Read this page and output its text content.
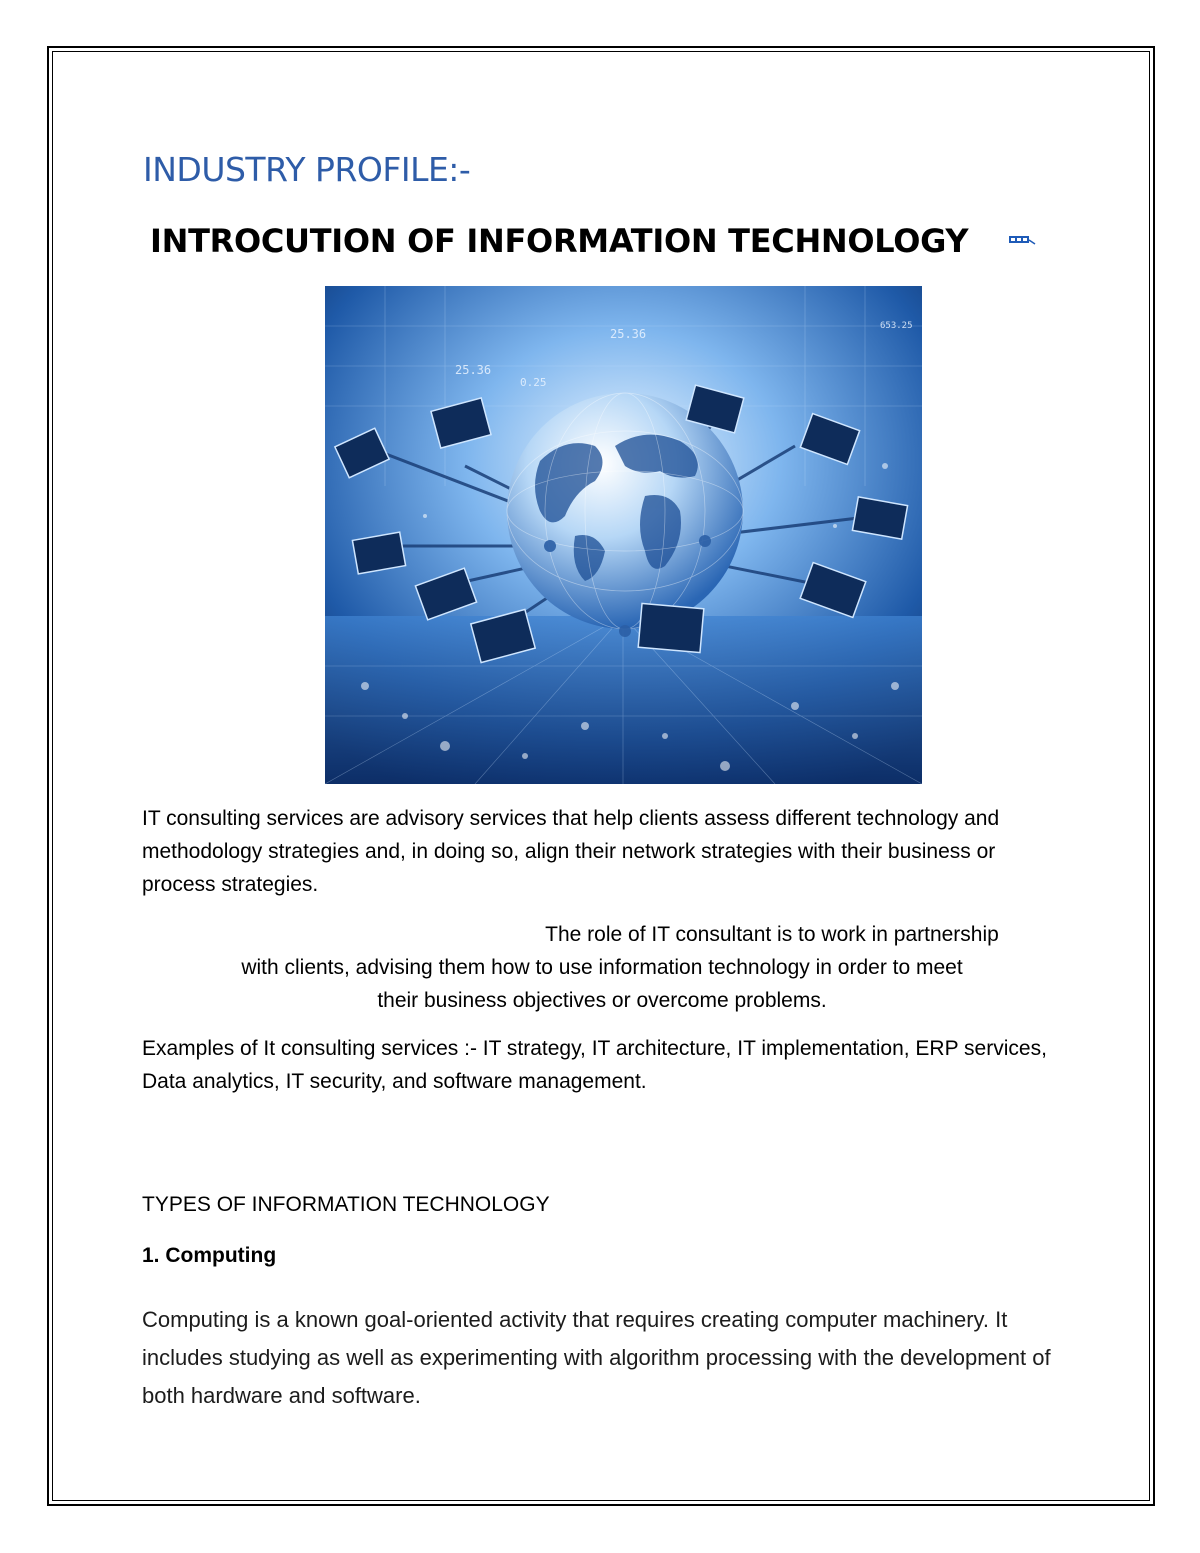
INDUSTRY PROFILE:-
INTROCUTION OF INFORMATION TECHNOLOGY
25.36
25.36
653.25
0.25

IT consulting services are advisory services that help clients assess different technology and methodology strategies and, in doing so, align their network strategies with their business or process strategies.

The role of IT consultant is to work in partnership
with clients, advising them how to use information technology in order to meet
their business objectives or overcome problems.

Examples of It consulting services :- IT strategy, IT architecture, IT implementation, ERP services, Data analytics, IT security, and software management.

TYPES OF INFORMATION TECHNOLOGY
1. Computing

Computing is a known goal-oriented activity that requires creating computer machinery. It includes studying as well as experimenting with algorithm processing with the development of both hardware and software.
